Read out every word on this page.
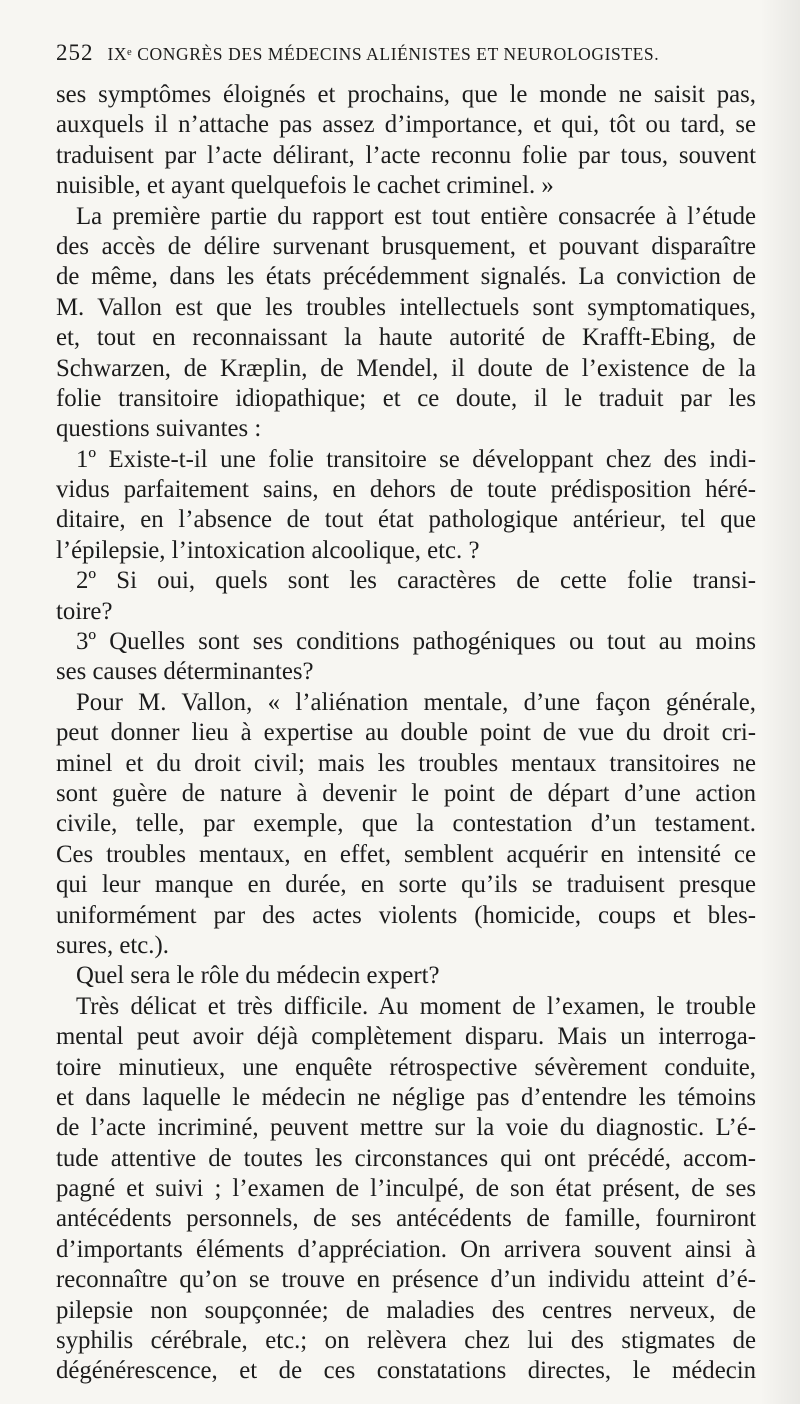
252 IXᵉ CONGRÈS DES MÉDECINS ALIÉNISTES ET NEUROLOGISTES.
ses symptômes éloignés et prochains, que le monde ne saisit pas,
auxquels il n’attache pas assez d’importance, et qui, tôt ou tard, se
traduisent par l’acte délirant, l’acte reconnu folie par tous, souvent
nuisible, et ayant quelquefois le cachet criminel. »
La première partie du rapport est tout entière consacrée à l’étude
des accès de délire survenant brusquement, et pouvant disparaître
de même, dans les états précédemment signalés. La conviction de
M. Vallon est que les troubles intellectuels sont symptomatiques,
et, tout en reconnaissant la haute autorité de Krafft-Ebing, de
Schwarzen, de Kræplin, de Mendel, il doute de l’existence de la
folie transitoire idiopathique; et ce doute, il le traduit par les
questions suivantes :
1º Existe-t-il une folie transitoire se développant chez des indi-
vidus parfaitement sains, en dehors de toute prédisposition héré-
ditaire, en l’absence de tout état pathologique antérieur, tel que
l’épilepsie, l’intoxication alcoolique, etc. ?
2º Si oui, quels sont les caractères de cette folie transi-
toire?
3º Quelles sont ses conditions pathogéniques ou tout au moins
ses causes déterminantes?
Pour M. Vallon, « l’aliénation mentale, d’une façon générale,
peut donner lieu à expertise au double point de vue du droit cri-
minel et du droit civil; mais les troubles mentaux transitoires ne
sont guère de nature à devenir le point de départ d’une action
civile, telle, par exemple, que la contestation d’un testament.
Ces troubles mentaux, en effet, semblent acquérir en intensité ce
qui leur manque en durée, en sorte qu’ils se traduisent presque
uniformément par des actes violents (homicide, coups et bles-
sures, etc.).
Quel sera le rôle du médecin expert?
Très délicat et très difficile. Au moment de l’examen, le trouble
mental peut avoir déjà complètement disparu. Mais un interroga-
toire minutieux, une enquête rétrospective sévèrement conduite,
et dans laquelle le médecin ne néglige pas d’entendre les témoins
de l’acte incriminé, peuvent mettre sur la voie du diagnostic. L’é-
tude attentive de toutes les circonstances qui ont précédé, accom-
pagné et suivi ; l’examen de l’inculpé, de son état présent, de ses
antécédents personnels, de ses antécédents de famille, fourniront
d’importants éléments d’appréciation. On arrivera souvent ainsi à
reconnaître qu’on se trouve en présence d’un individu atteint d’é-
pilepsie non soupçonnée; de maladies des centres nerveux, de
syphilis cérébrale, etc.; on relèvera chez lui des stigmates de
dégénérescence, et de ces constatations directes, le médecin
